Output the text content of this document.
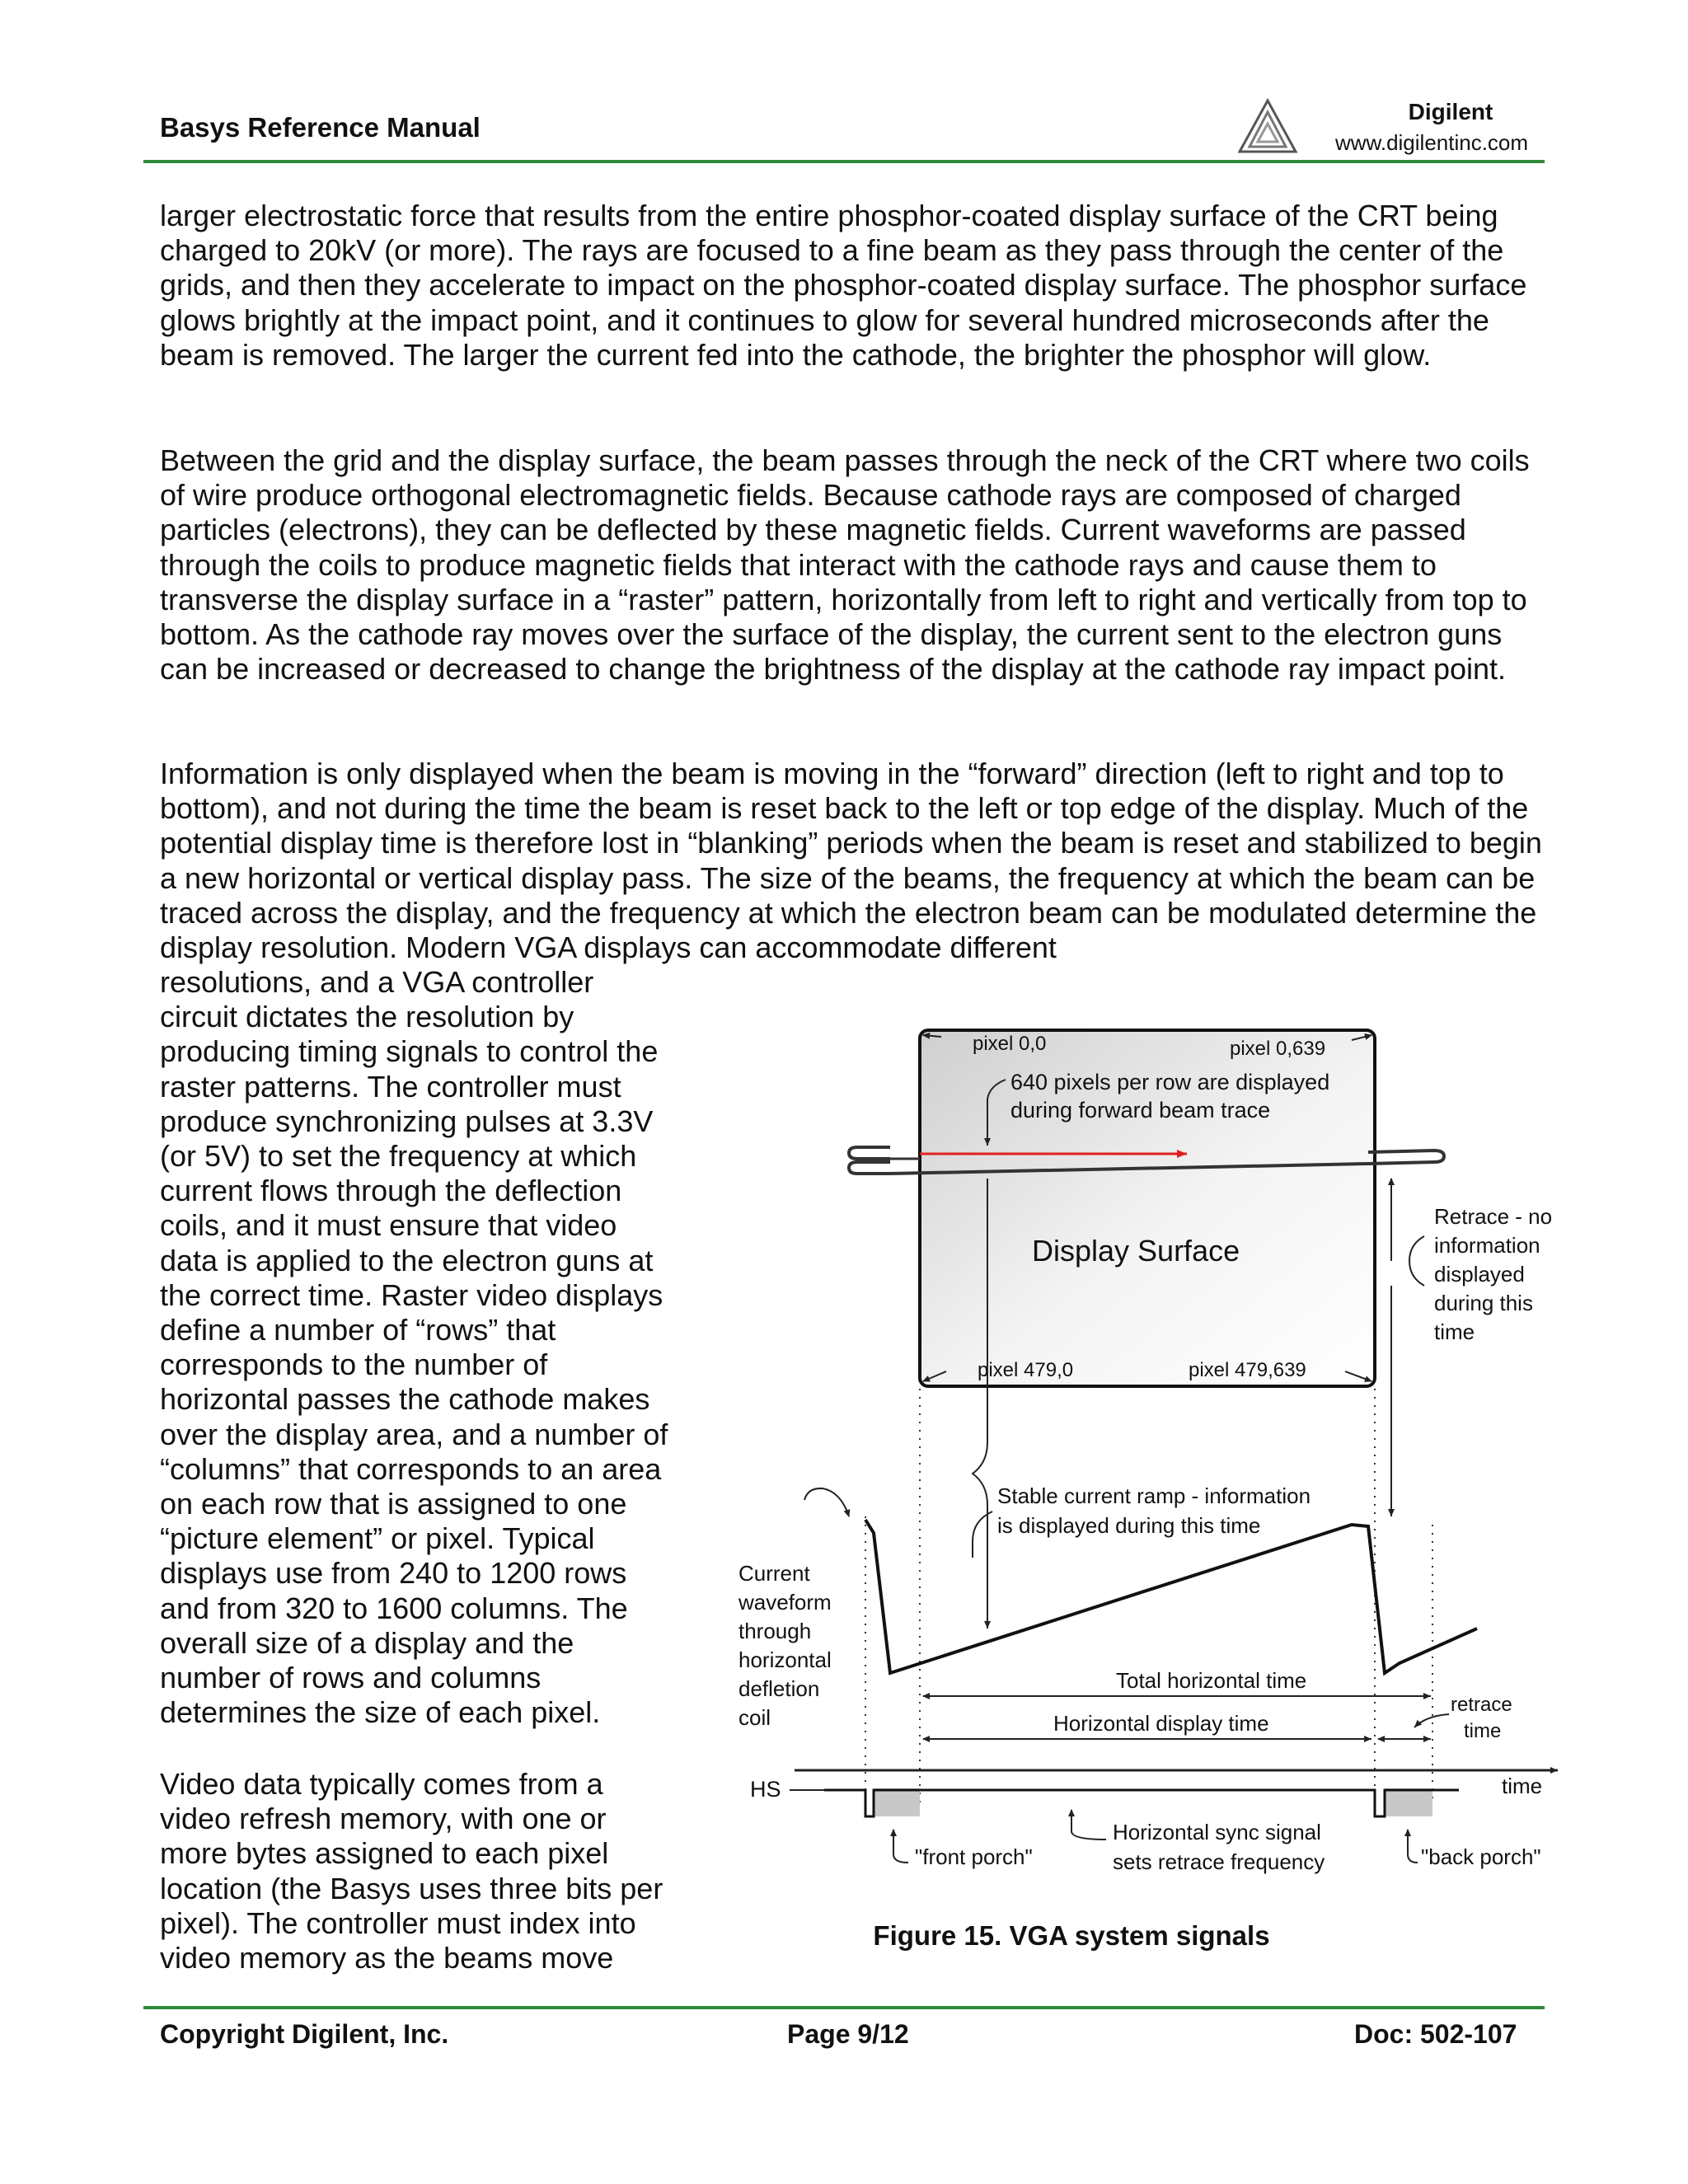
Basys Reference Manual
Digilent
www.digilentinc.com

larger electrostatic force that results from the entire phosphor-coated display surface of the CRT being charged to 20kV (or more). The rays are focused to a fine beam as they pass through the center of the grids, and then they accelerate to impact on the phosphor-coated display surface. The phosphor surface glows brightly at the impact point, and it continues to glow for several hundred microseconds after the beam is removed. The larger the current fed into the cathode, the brighter the phosphor will glow.

Between the grid and the display surface, the beam passes through the neck of the CRT where two coils of wire produce orthogonal electromagnetic fields. Because cathode rays are composed of charged particles (electrons), they can be deflected by these magnetic fields. Current waveforms are passed through the coils to produce magnetic fields that interact with the cathode rays and cause them to transverse the display surface in a “raster” pattern, horizontally from left to right and vertically from top to bottom. As the cathode ray moves over the surface of the display, the current sent to the electron guns can be increased or decreased to change the brightness of the display at the cathode ray impact point.

Information is only displayed when the beam is moving in the “forward” direction (left to right and top to bottom), and not during the time the beam is reset back to the left or top edge of the display. Much of the potential display time is therefore lost in “blanking” periods when the beam is reset and stabilized to begin a new horizontal or vertical display pass. The size of the beams, the frequency at which the beam can be traced across the display, and the frequency at which the electron beam can be modulated determine the display resolution. Modern VGA displays can accommodate different

resolutions, and a VGA controller
circuit dictates the resolution by
producing timing signals to control the
raster patterns. The controller must
produce synchronizing pulses at 3.3V
(or 5V) to set the frequency at which
current flows through the deflection
coils, and it must ensure that video
data is applied to the electron guns at
the correct time. Raster video displays
define a number of “rows” that
corresponds to the number of
horizontal passes the cathode makes
over the display area, and a number of
“columns” that corresponds to an area
on each row that is assigned to one
“picture element” or pixel. Typical
displays use from 240 to 1200 rows
and from 320 to 1600 columns. The
overall size of a display and the
number of rows and columns
determines the size of each pixel.

Video data typically comes from a
video refresh memory, with one or
more bytes assigned to each pixel
location (the Basys uses three bits per
pixel). The controller must index into
video memory as the beams move

pixel 0,0	pixel 0,639
pixel 479,0	pixel 479,639
640 pixels per row are displayed
during forward beam trace
Display Surface
Retrace - no
information
displayed
during this
time
Stable current ramp - information
is displayed during this time
Current
waveform
through
horizontal
defletion
coil
Total horizontal time
Horizontal display time
retrace
time
HS	time
"front porch"	"back porch"
Horizontal sync signal
sets retrace frequency
Figure 15. VGA system signals
Copyright Digilent, Inc.	Page 9/12	Doc: 502-107
